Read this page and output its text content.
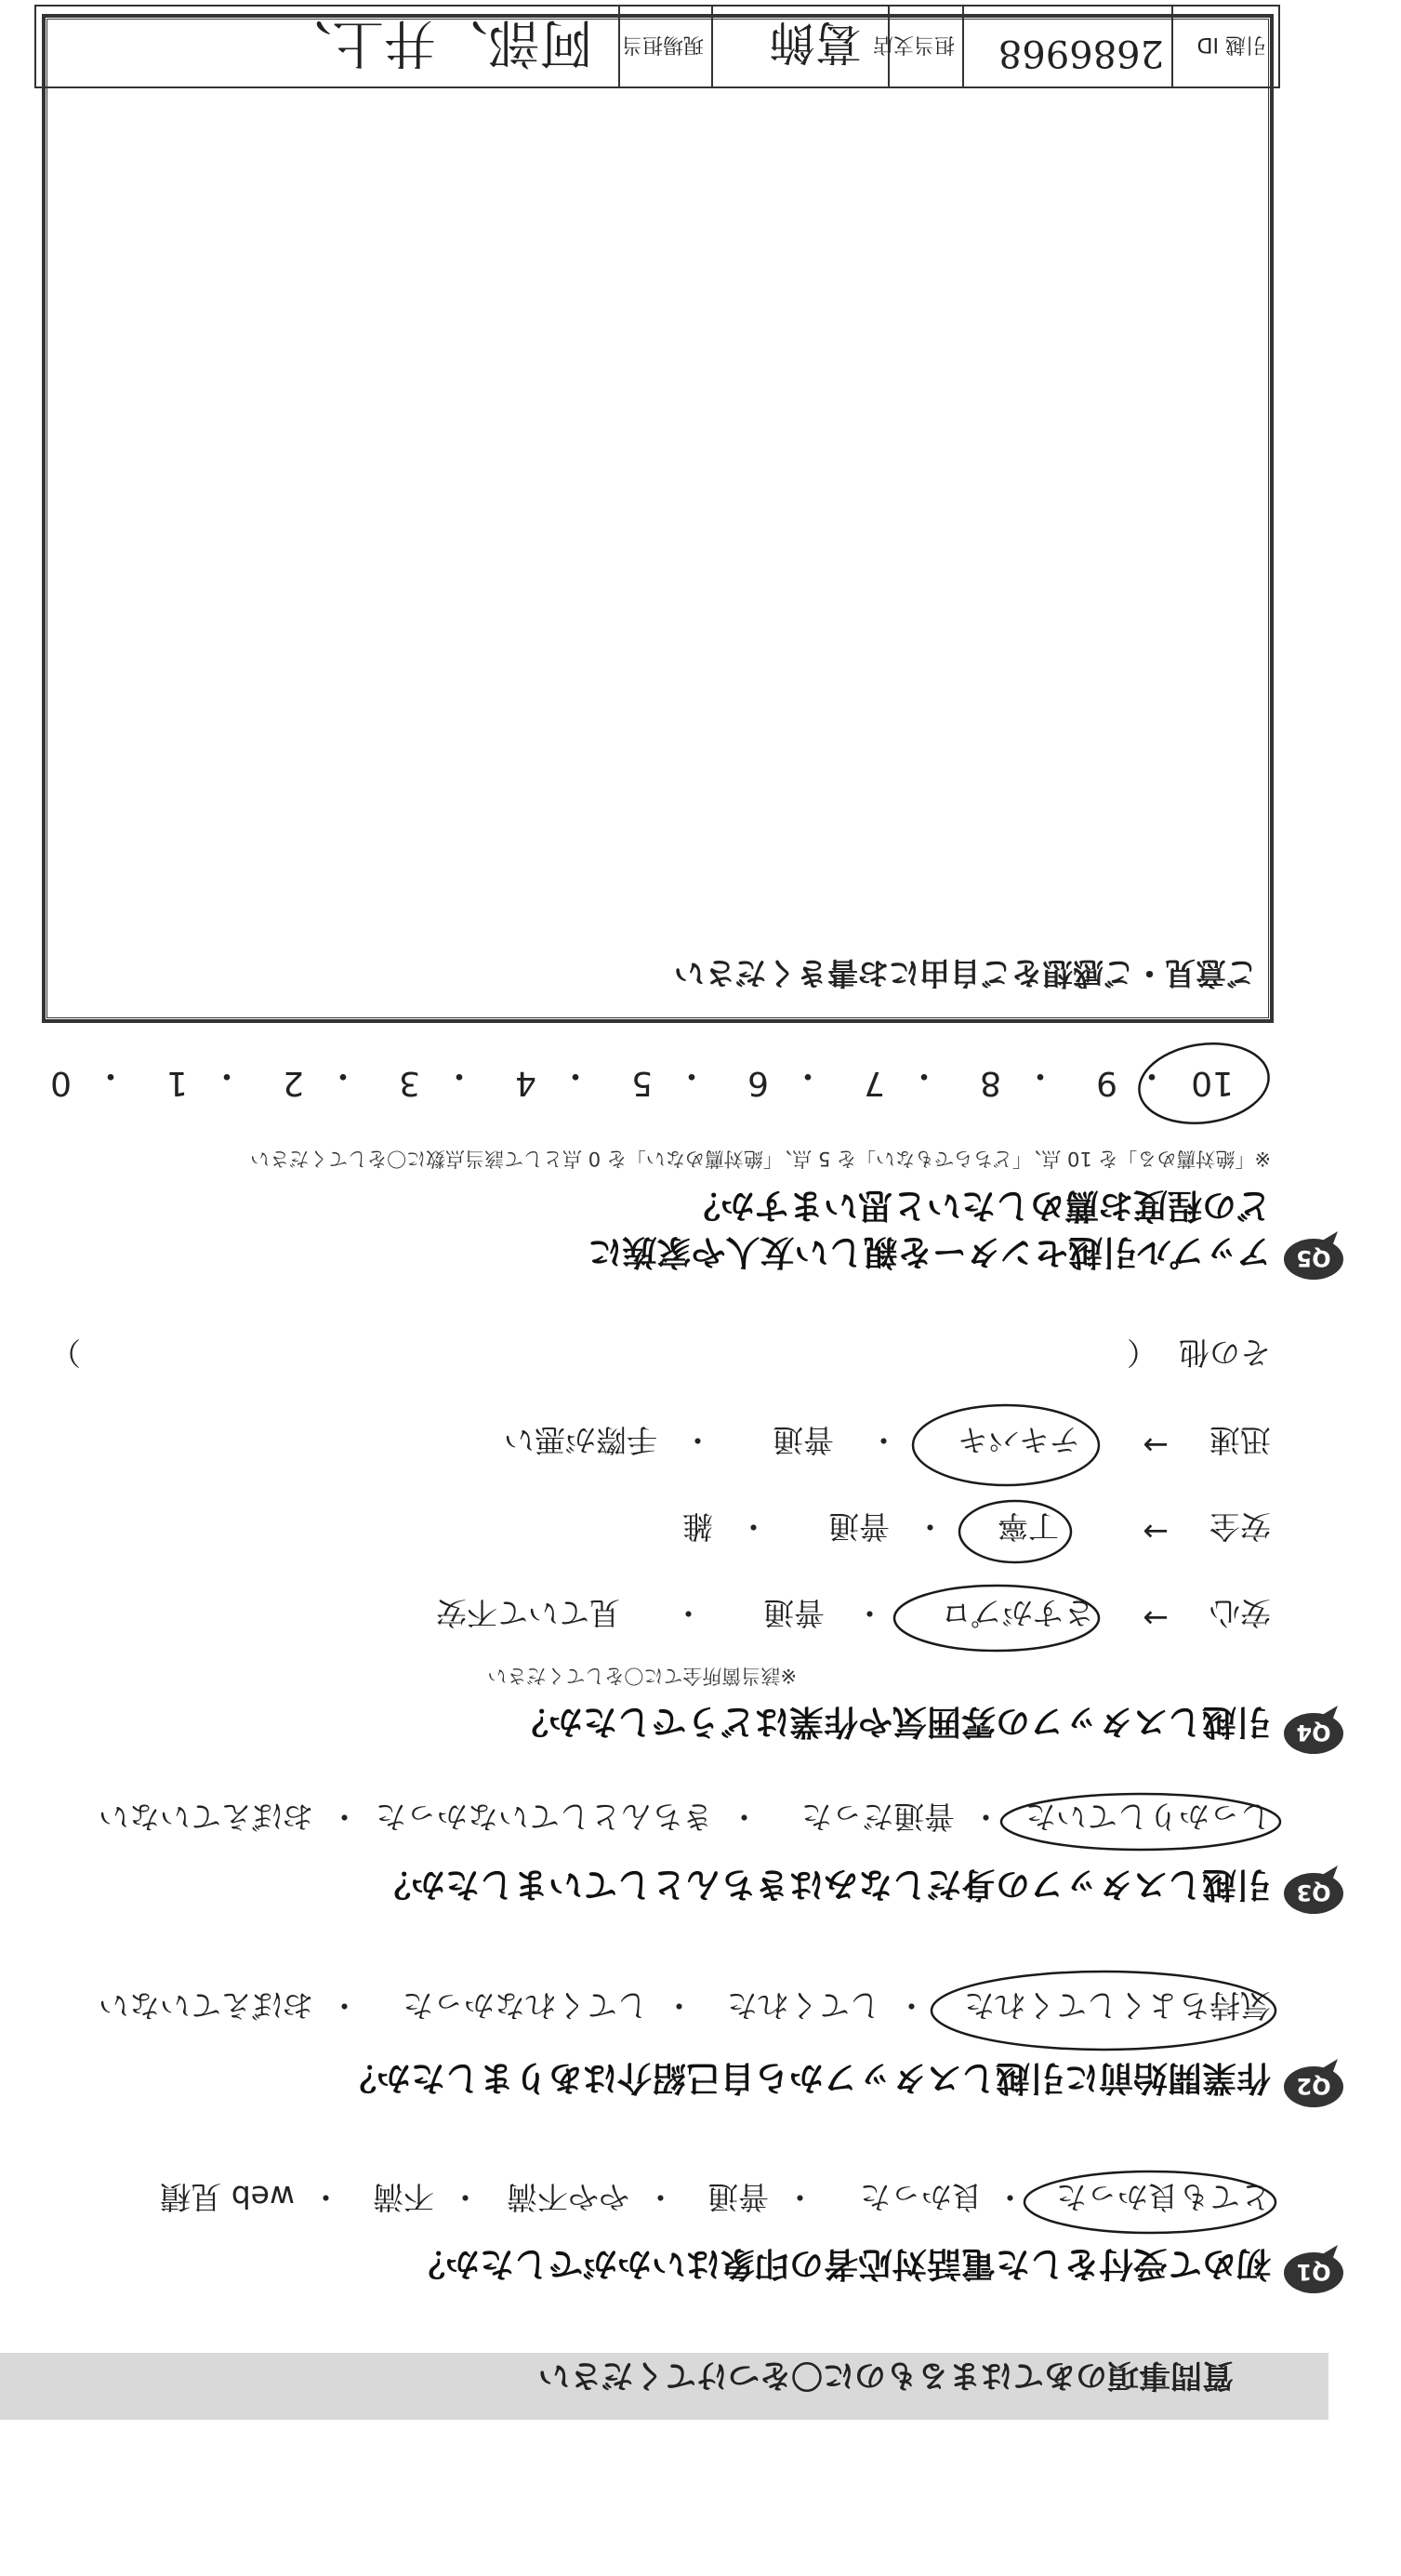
質問事項のあてはまるものに〇をつけてください
Q1
初めて受付をした電話対応者の印象はいかがでしたか？
とても良かった
・
良かった
・
普通
・
やや不満
・
不満
・
web 見積
Q2
作業開始前に引越しスタッフから自己紹介はありましたか？
気持ちよくしてくれた
・
してくれた
・
してくれなかった
・
おぼえていない
Q3
引越しスタッフの身だしなみはきちんとしていましたか？
しっかりしていた
・
普通だった
・
きちんとしていなかった
・
おぼえていない
Q4
引越しスタッフの雰囲気や作業はどうでしたか？
※該当箇所全てに〇をしてください
安心
→
さすがプロ
・
普通
・
見ていて不安
安全
→
丁寧
・
普通
・
雑
迅速
→
テキパキ
・
普通
・
手際が悪い
その他
（
）
Q5
アップル引越センターを親しい友人や家族に
どの程度お薦めしたいと思いますか？
※「絶対薦める」を 10 点、「どちらでもない」を 5 点、「絶対薦めない」を 0 点として該当点数に〇をしてください
10
・
9
・
8
・
7
・
6
・
5
・
4
・
3
・
2
・
1
・
0
ご意見・ご感想をご自由にお書きください
引越 ID
2686968
担当支店
葛飾
現場担当
阿部、井上、
